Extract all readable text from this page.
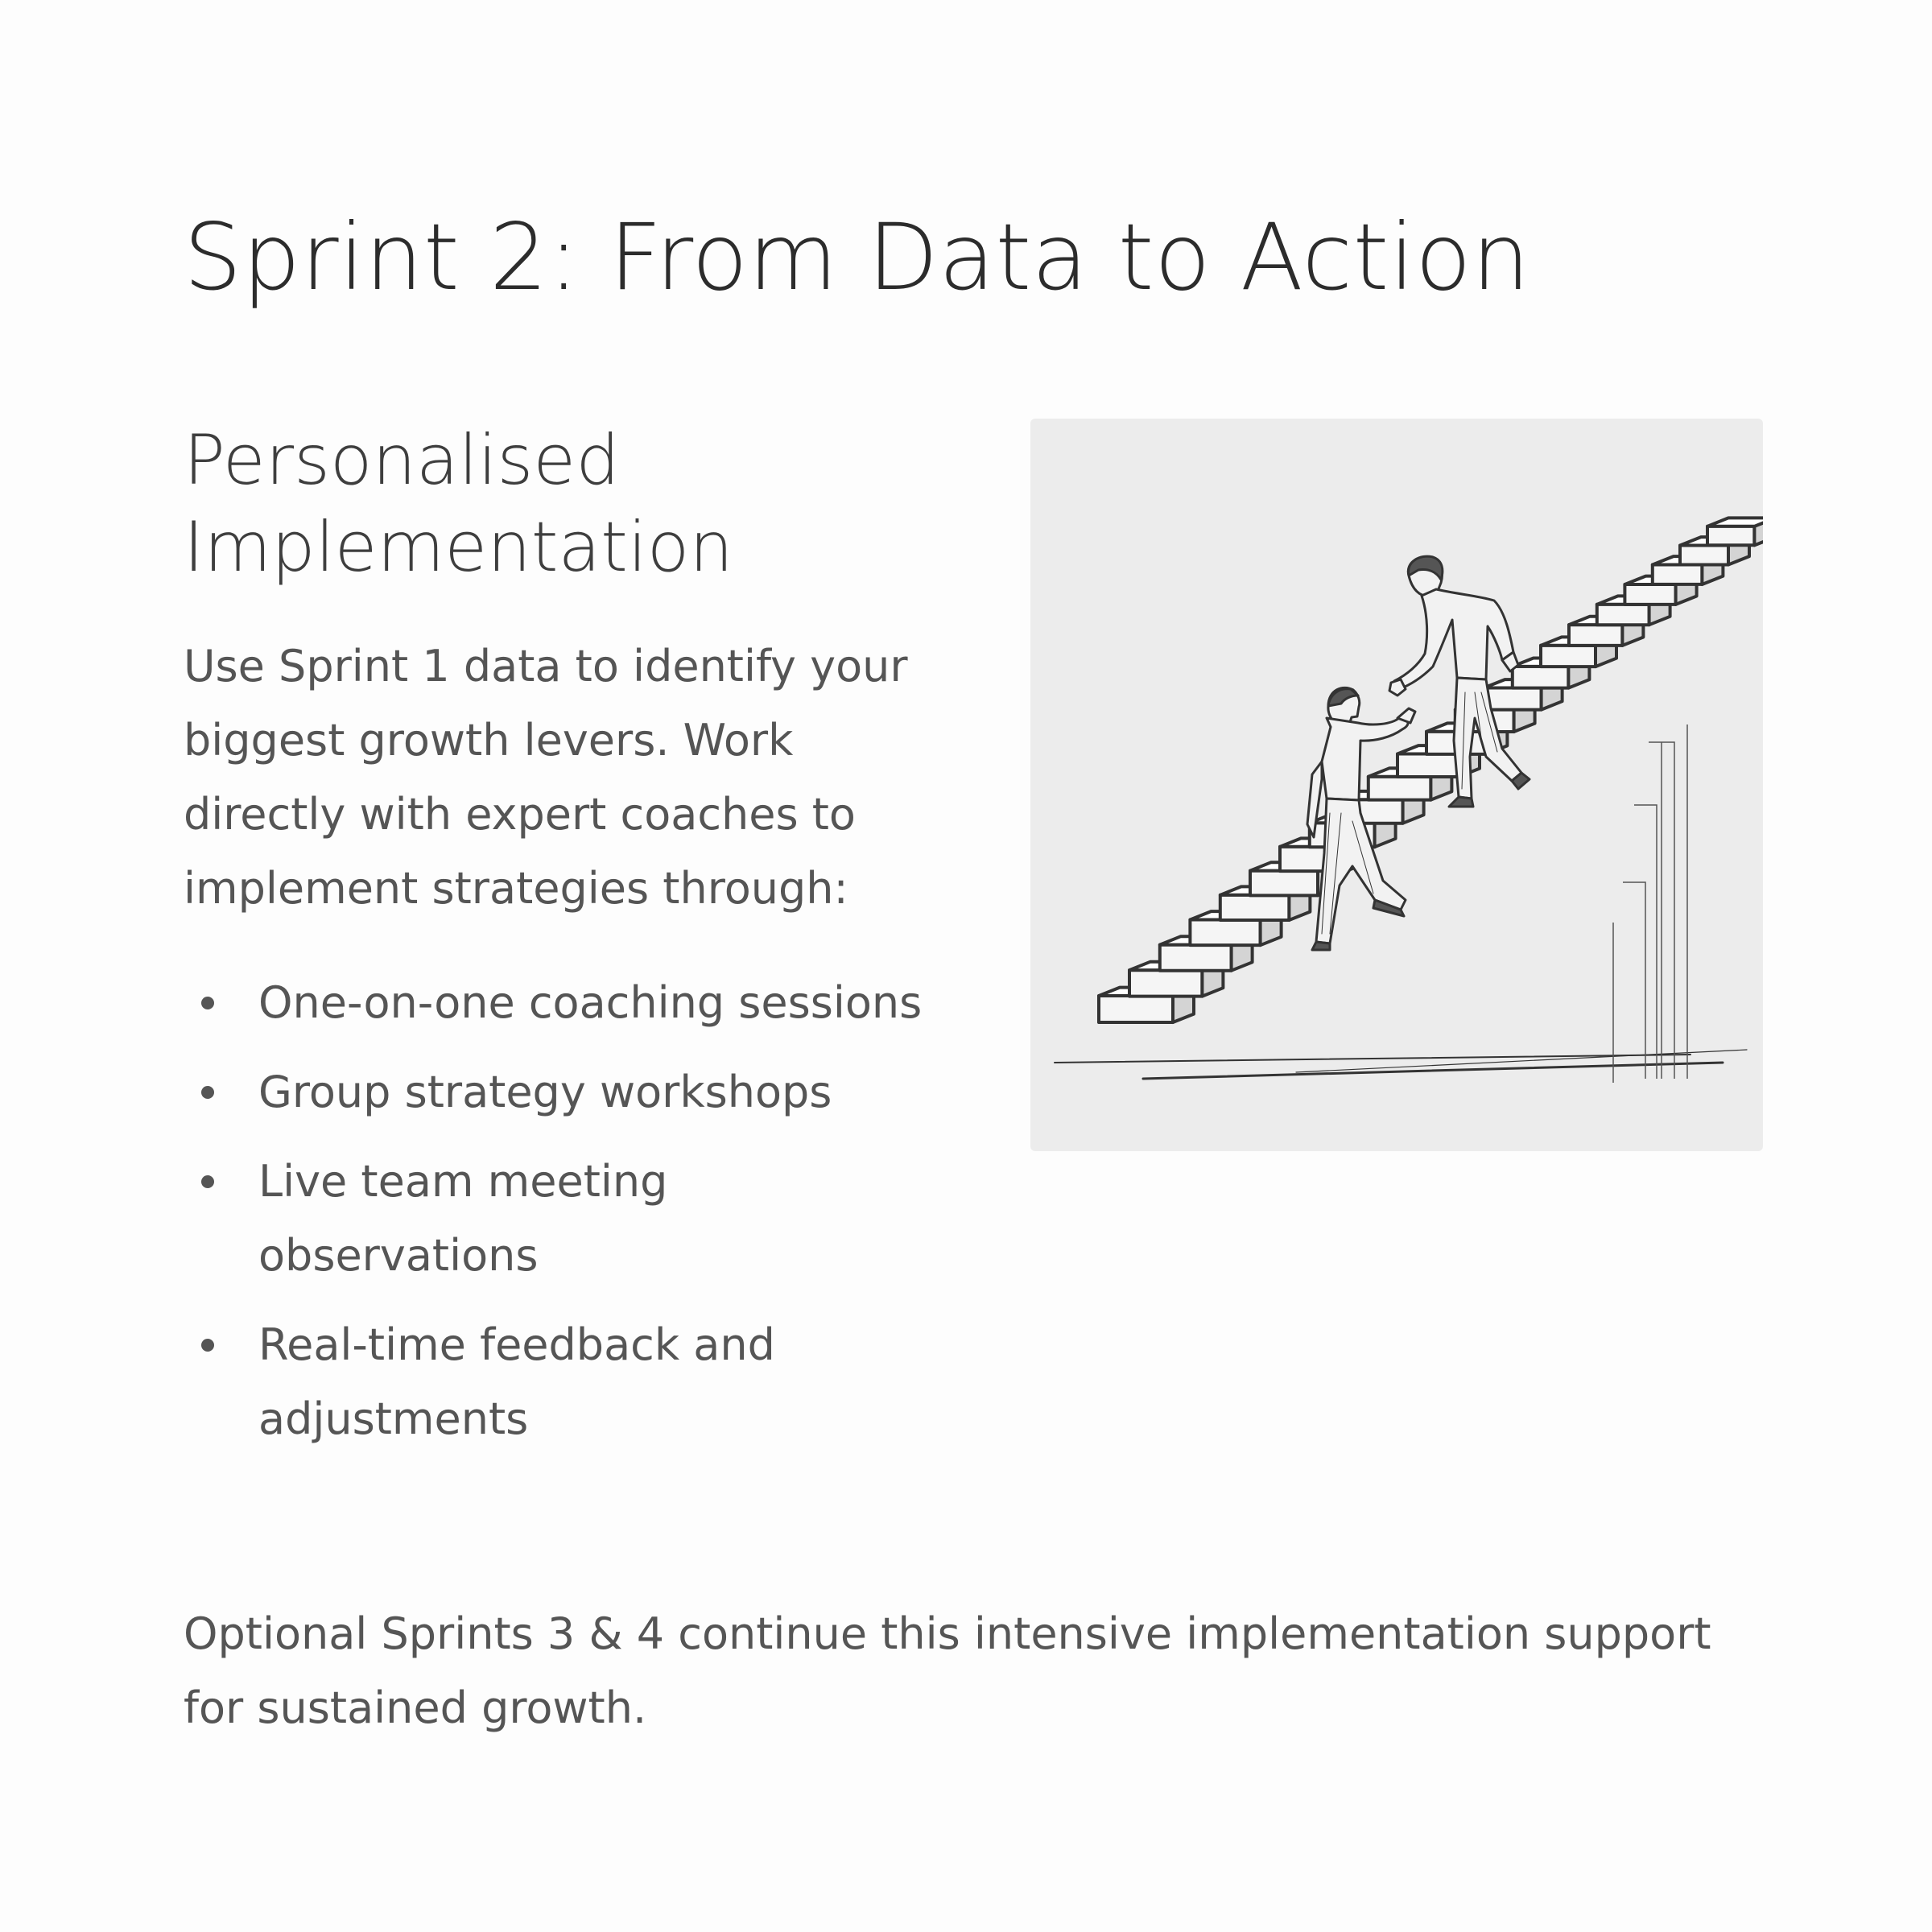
Sprint 2: From Data to Action
Personalised Implementation

Use Sprint 1 data to identify your biggest growth levers. Work directly with expert coaches to implement strategies through:

One-on-one coaching sessions
Group strategy workshops
Live team meeting observations
Real-time feedback and adjustments

Optional Sprints 3 & 4 continue this intensive implementation support for sustained growth.
